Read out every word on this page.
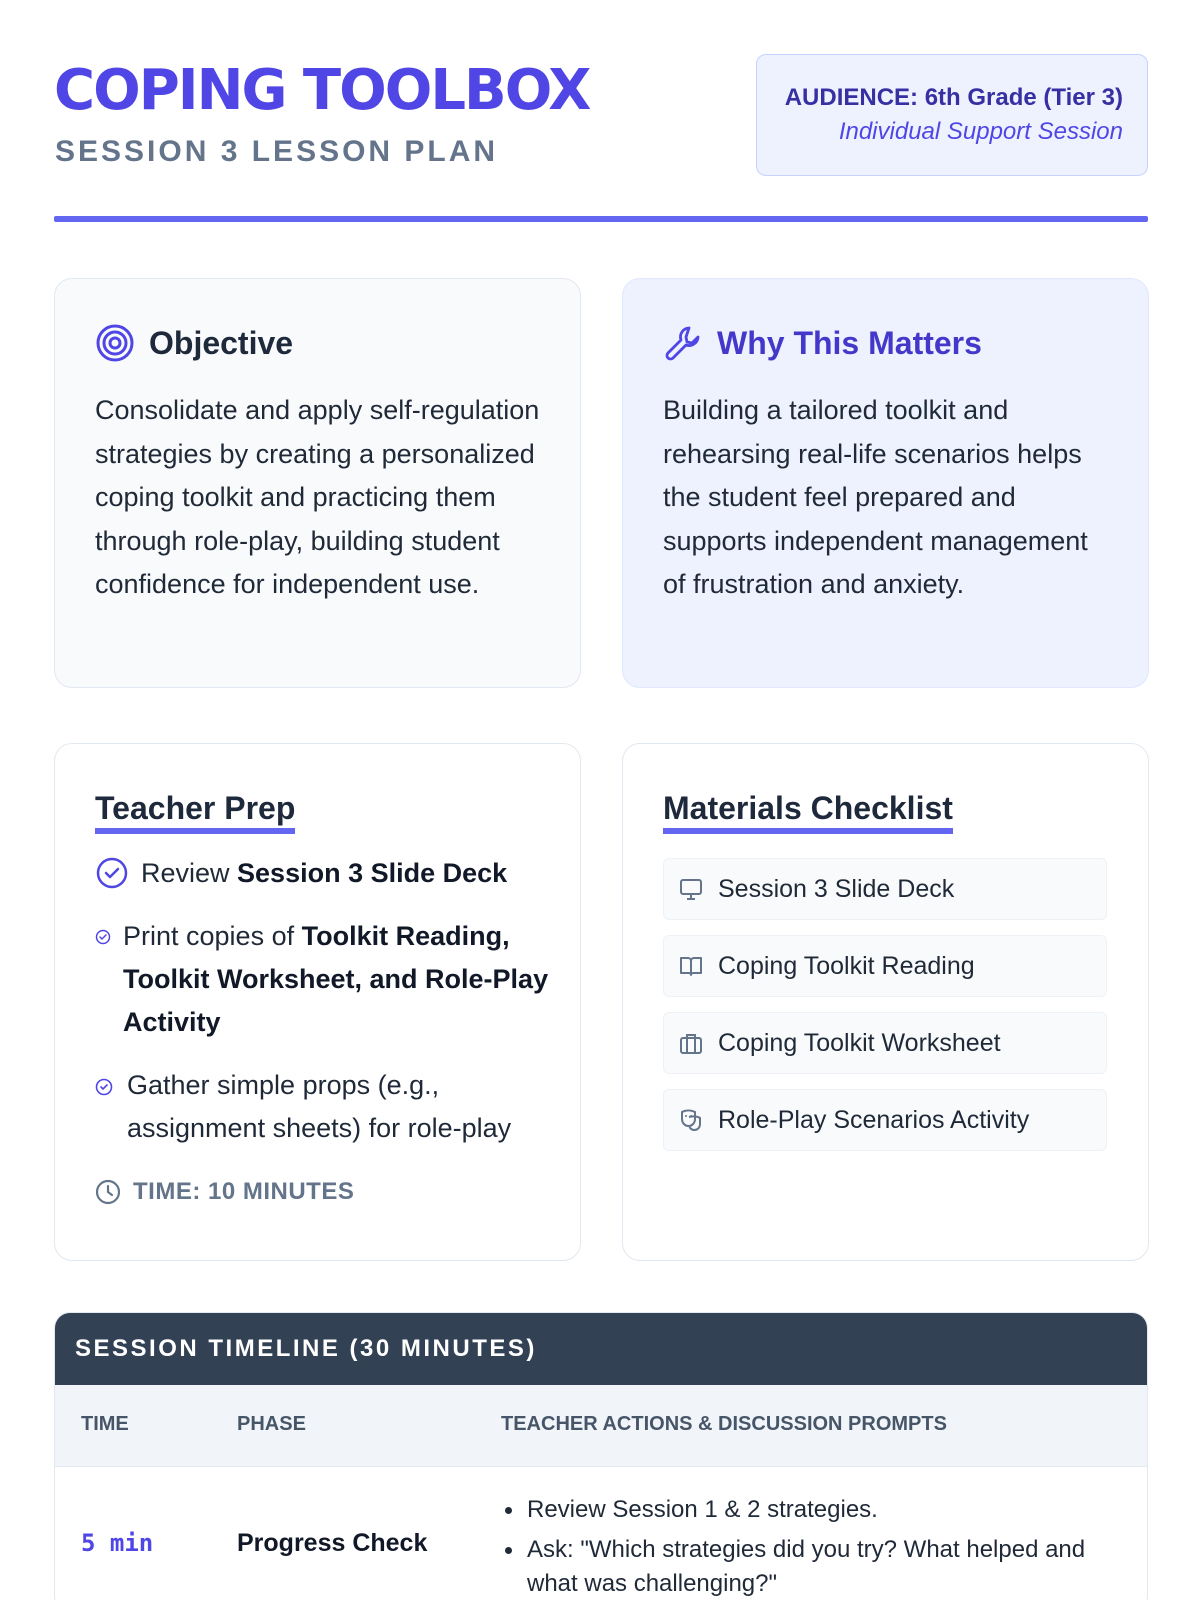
COPING TOOLBOX
SESSION 3 LESSON PLAN
AUDIENCE: 6th Grade (Tier 3)
Individual Support Session
Objective
Consolidate and apply self-regulation strategies by creating a personalized coping toolkit and practicing them through role-play, building student confidence for independent use.
Why This Matters
Building a tailored toolkit and rehearsing real-life scenarios helps the student feel prepared and supports independent management of frustration and anxiety.
Teacher Prep
Review Session 3 Slide Deck
Print copies of Toolkit Reading, Toolkit Worksheet, and Role-Play Activity
Gather simple props (e.g., assignment sheets) for role-play
TIME: 10 MINUTES
Materials Checklist
Session 3 Slide Deck
Coping Toolkit Reading
Coping Toolkit Worksheet
Role-Play Scenarios Activity
SESSION TIMELINE (30 MINUTES)
TIME	PHASE	TEACHER ACTIONS & DISCUSSION PROMPTS
5 min	Progress Check
Review Session 1 & 2 strategies.
Ask: "Which strategies did you try? What helped and what was challenging?"
